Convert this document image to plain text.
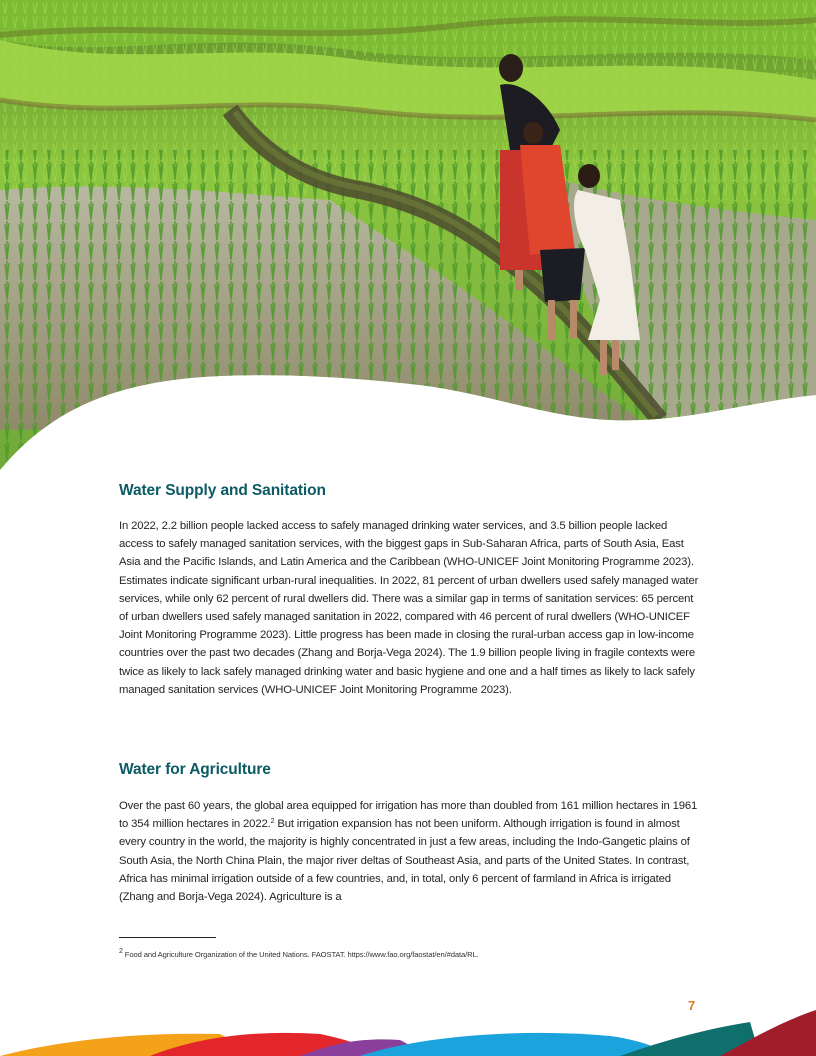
Water Supply and Sanitation

In 2022, 2.2 billion people lacked access to safely managed drinking water services, and 3.5 billion people lacked access to safely managed sanitation services, with the biggest gaps in Sub-Saharan Africa, parts of South Asia, East Asia and the Pacific Islands, and Latin America and the Caribbean (WHO-UNICEF Joint Monitoring Programme 2023). Estimates indicate significant urban-rural inequalities. In 2022, 81 percent of urban dwellers used safely managed water services, while only 62 percent of rural dwellers did. There was a similar gap in terms of sanitation services: 65 percent of urban dwellers used safely managed sanitation in 2022, compared with 46 percent of rural dwellers (WHO-UNICEF Joint Monitoring Programme 2023). Little progress has been made in closing the rural-urban access gap in low-income countries over the past two decades (Zhang and Borja-Vega 2024). The 1.9 billion people living in fragile contexts were twice as likely to lack safely managed drinking water and basic hygiene and one and a half times as likely to lack safely managed sanitation services (WHO-UNICEF Joint Monitoring Programme 2023).

Water for Agriculture

Over the past 60 years, the global area equipped for irrigation has more than doubled from 161 million hectares in 1961 to 354 million hectares in 2022.$^2$ But irrigation expansion has not been uniform. Although irrigation is found in almost every country in the world, the majority is highly concentrated in just a few areas, including the Indo-Gangetic plains of South Asia, the North China Plain, the major river deltas of Southeast Asia, and parts of the United States. In contrast, Africa has minimal irrigation outside of a few countries, and, in total, only 6 percent of farmland in Africa is irrigated (Zhang and Borja-Vega 2024). Agriculture is a

$^2$ Food and Agriculture Organization of the United Nations. FAOSTAT. https://www.fao.org/faostat/en/#data/RL.
7
